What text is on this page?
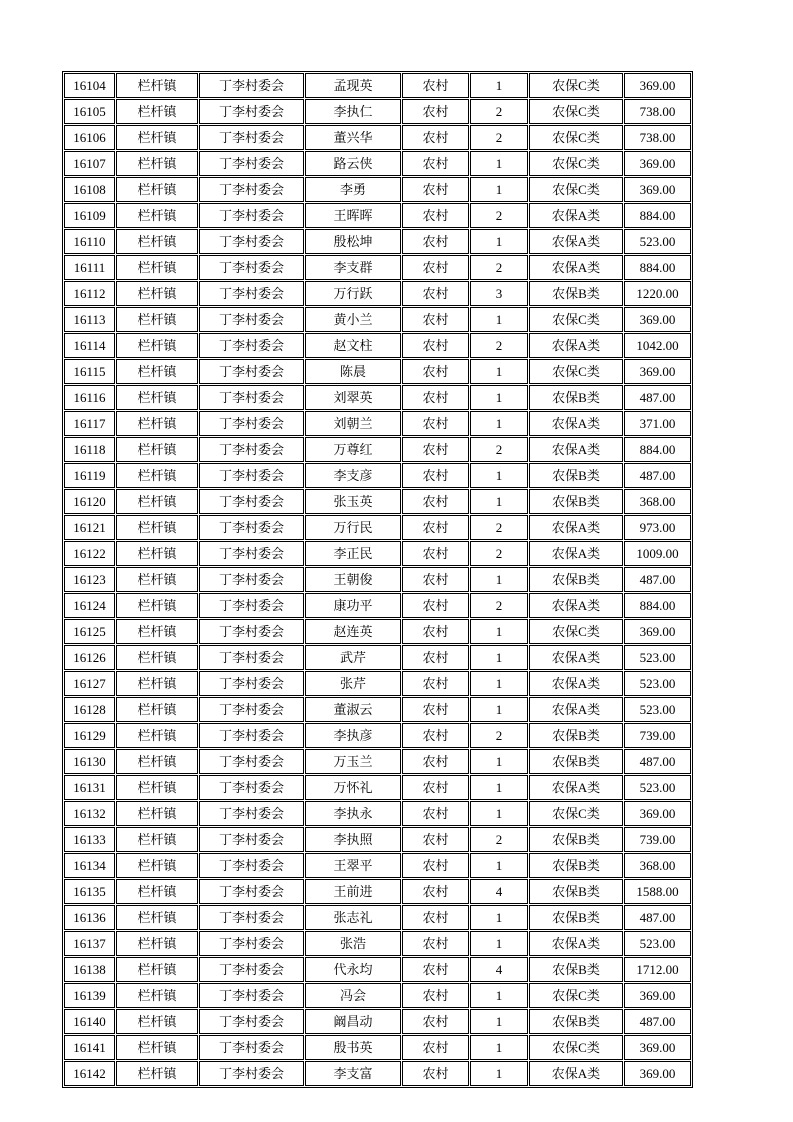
16104	栏杆镇	丁李村委会	孟现英	农村	1	农保C类	369.00
16105	栏杆镇	丁李村委会	李执仁	农村	2	农保C类	738.00
16106	栏杆镇	丁李村委会	董兴华	农村	2	农保C类	738.00
16107	栏杆镇	丁李村委会	路云侠	农村	1	农保C类	369.00
16108	栏杆镇	丁李村委会	李勇	农村	1	农保C类	369.00
16109	栏杆镇	丁李村委会	王晖晖	农村	2	农保A类	884.00
16110	栏杆镇	丁李村委会	殷松坤	农村	1	农保A类	523.00
16111	栏杆镇	丁李村委会	李支群	农村	2	农保A类	884.00
16112	栏杆镇	丁李村委会	万行跃	农村	3	农保B类	1220.00
16113	栏杆镇	丁李村委会	黄小兰	农村	1	农保C类	369.00
16114	栏杆镇	丁李村委会	赵文柱	农村	2	农保A类	1042.00
16115	栏杆镇	丁李村委会	陈晨	农村	1	农保C类	369.00
16116	栏杆镇	丁李村委会	刘翠英	农村	1	农保B类	487.00
16117	栏杆镇	丁李村委会	刘朝兰	农村	1	农保A类	371.00
16118	栏杆镇	丁李村委会	万尊红	农村	2	农保A类	884.00
16119	栏杆镇	丁李村委会	李支彦	农村	1	农保B类	487.00
16120	栏杆镇	丁李村委会	张玉英	农村	1	农保B类	368.00
16121	栏杆镇	丁李村委会	万行民	农村	2	农保A类	973.00
16122	栏杆镇	丁李村委会	李正民	农村	2	农保A类	1009.00
16123	栏杆镇	丁李村委会	王朝俊	农村	1	农保B类	487.00
16124	栏杆镇	丁李村委会	康功平	农村	2	农保A类	884.00
16125	栏杆镇	丁李村委会	赵连英	农村	1	农保C类	369.00
16126	栏杆镇	丁李村委会	武芹	农村	1	农保A类	523.00
16127	栏杆镇	丁李村委会	张芹	农村	1	农保A类	523.00
16128	栏杆镇	丁李村委会	董淑云	农村	1	农保A类	523.00
16129	栏杆镇	丁李村委会	李执彦	农村	2	农保B类	739.00
16130	栏杆镇	丁李村委会	万玉兰	农村	1	农保B类	487.00
16131	栏杆镇	丁李村委会	万怀礼	农村	1	农保A类	523.00
16132	栏杆镇	丁李村委会	李执永	农村	1	农保C类	369.00
16133	栏杆镇	丁李村委会	李执照	农村	2	农保B类	739.00
16134	栏杆镇	丁李村委会	王翠平	农村	1	农保B类	368.00
16135	栏杆镇	丁李村委会	王前进	农村	4	农保B类	1588.00
16136	栏杆镇	丁李村委会	张志礼	农村	1	农保B类	487.00
16137	栏杆镇	丁李村委会	张浩	农村	1	农保A类	523.00
16138	栏杆镇	丁李村委会	代永均	农村	4	农保B类	1712.00
16139	栏杆镇	丁李村委会	冯会	农村	1	农保C类	369.00
16140	栏杆镇	丁李村委会	阚昌动	农村	1	农保B类	487.00
16141	栏杆镇	丁李村委会	殷书英	农村	1	农保C类	369.00
16142	栏杆镇	丁李村委会	李支富	农村	1	农保A类	369.00
